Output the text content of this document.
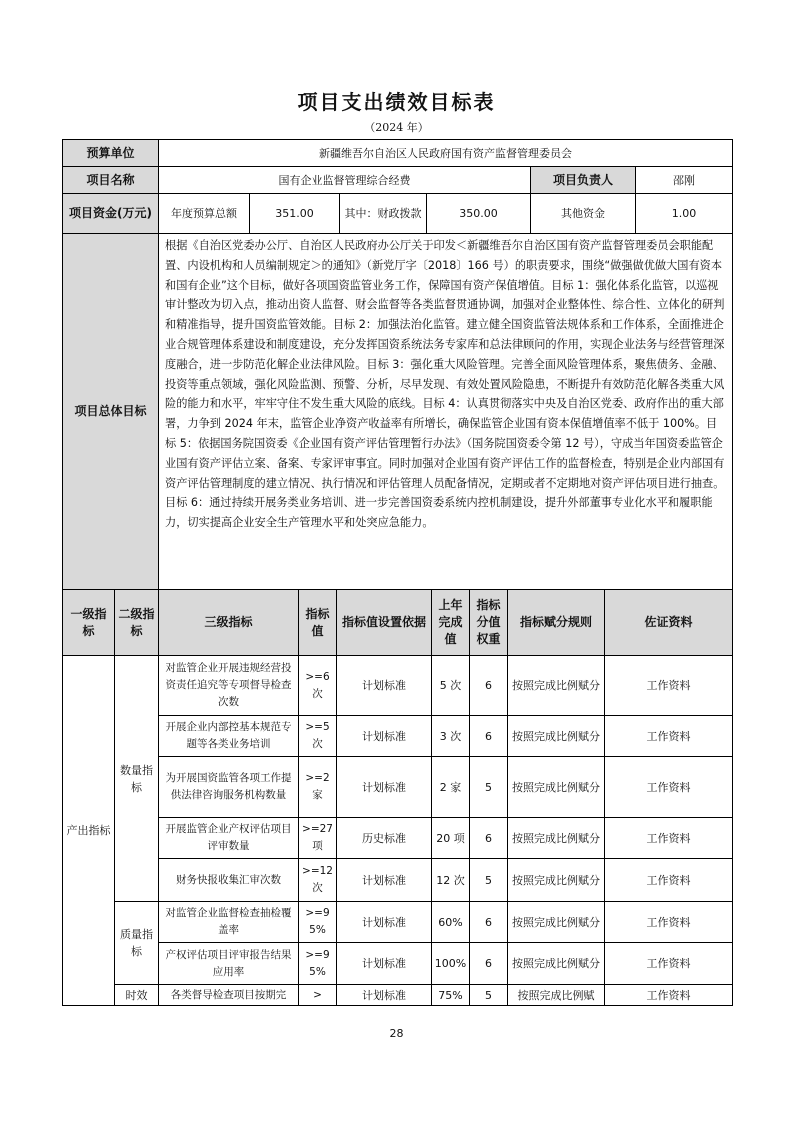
项目支出绩效目标表
（2024 年）
预算单位	新疆维吾尔自治区人民政府国有资产监督管理委员会					
项目名称	国有企业监督管理综合经费				项目负责人	邵刚
项目资金(万元)	年度预算总额	351.00	其中：财政拨款	350.00	其他资金	1.00
项目总体目标	根据《自治区党委办公厅、自治区人民政府办公厅关于印发＜新疆维吾尔自治区国有资产监督管理委员会职能配置、内设机构和人员编制规定＞的通知》（新党厅字〔2018〕166 号）的职责要求，围绕“做强做优做大国有资本和国有企业”这个目标，做好各项国资监管业务工作，保障国有资产保值增值。目标 1：强化体系化监管，以巡视审计整改为切入点，推动出资人监督、财会监督等各类监督贯通协调，加强对企业整体性、综合性、立体化的研判和精准指导，提升国资监管效能。目标 2：加强法治化监管。建立健全国资监管法规体系和工作体系，全面推进企业合规管理体系建设和制度建设，充分发挥国资系统法务专家库和总法律顾问的作用，实现企业法务与经营管理深度融合，进一步防范化解企业法律风险。目标 3：强化重大风险管理。完善全面风险管理体系，聚焦债务、金融、投资等重点领域，强化风险监测、预警、分析，尽早发现、有效处置风险隐患，不断提升有效防范化解各类重大风险的能力和水平，牢牢守住不发生重大风险的底线。目标 4：认真贯彻落实中央及自治区党委、政府作出的重大部署，力争到 2024 年末，监管企业净资产收益率有所增长，确保监管企业国有资本保值增值率不低于 100%。目标 5：依据国务院国资委《企业国有资产评估管理暂行办法》（国务院国资委令第 12 号），守成当年国资委监管企业国有资产评估立案、备案、专家评审事宜。同时加强对企业国有资产评估工作的监督检查，特别是企业内部国有资产评估管理制度的建立情况、执行情况和评估管理人员配备情况，定期或者不定期地对资产评估项目进行抽查。目标 6：通过持续开展务类业务培训、进一步完善国资委系统内控机制建设，提升外部董事专业化水平和履职能力，切实提高企业安全生产管理水平和处突应急能力。					
一级指标	二级指标	三级指标	指标值	指标值设置依据	上年完成值	指标分值权重	指标赋分规则	佐证资料
产出指标	数量指标	对监管企业开展违规经营投资责任追究等专项督导检查次数	>=6次	计划标准	5 次	6	按照完成比例赋分	工作资料
		开展企业内部控基本规范专题等各类业务培训	>=5次	计划标准	3 次	6	按照完成比例赋分	工作资料
		为开展国资监管各项工作提供法律咨询服务机构数量	>=2家	计划标准	2 家	5	按照完成比例赋分	工作资料
		开展监管企业产权评估项目评审数量	>=27项	历史标准	20 项	6	按照完成比例赋分	工作资料
		财务快报收集汇审次数	>=12次	计划标准	12 次	5	按照完成比例赋分	工作资料
	质量指标	对监管企业监督检查抽检覆盖率	>=95%	计划标准	60%	6	按照完成比例赋分	工作资料
		产权评估项目评审报告结果应用率	>=95%	计划标准	100%	6	按照完成比例赋分	工作资料
	时效	各类督导检查项目按期完	>	计划标准	75%	5	按照完成比例赋	工作资料
28
